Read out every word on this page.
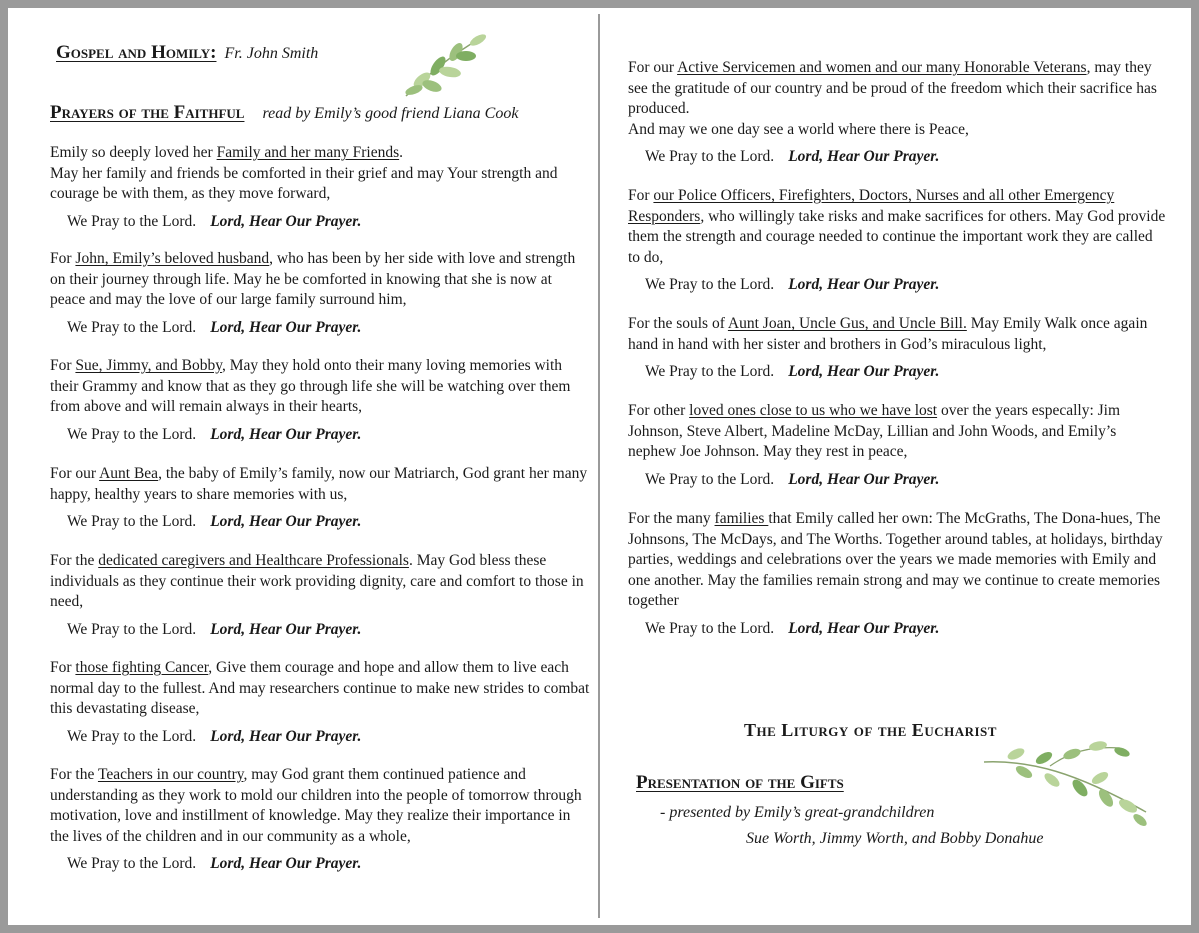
Gospel and Homily: Fr. John Smith
Prayers of the Faithful read by Emily’s good friend Liana Cook
Emily so deeply loved her Family and her many Friends.
May her family and friends be comforted in their grief and may Your strength and courage be with them, as they move forward,
We Pray to the Lord. Lord, Hear Our Prayer.
For John, Emily’s beloved husband, who has been by her side with love and strength on their journey through life. May he be comforted in knowing that she is now at peace and may the love of our large family surround him,
We Pray to the Lord. Lord, Hear Our Prayer.
For Sue, Jimmy, and Bobby, May they hold onto their many loving memories with their Grammy and know that as they go through life she will be watching over them from above and will remain always in their hearts,
We Pray to the Lord. Lord, Hear Our Prayer.
For our Aunt Bea, the baby of Emily’s family, now our Matriarch, God grant her many happy, healthy years to share memories with us,
We Pray to the Lord. Lord, Hear Our Prayer.
For the dedicated caregivers and Healthcare Professionals. May God bless these individuals as they continue their work providing dignity, care and comfort to those in need,
We Pray to the Lord. Lord, Hear Our Prayer.
For those fighting Cancer, Give them courage and hope and allow them to live each normal day to the fullest. And may researchers continue to make new strides to combat this devastating disease,
We Pray to the Lord. Lord, Hear Our Prayer.
For the Teachers in our country, may God grant them continued patience and understanding as they work to mold our children into the people of tomorrow through motivation, love and instillment of knowledge. May they realize their importance in the lives of the children and in our community as a whole,
We Pray to the Lord. Lord, Hear Our Prayer.
For our Active Servicemen and women and our many Honorable Veterans, may they see the gratitude of our country and be proud of the freedom which their sacrifice has produced.
And may we one day see a world where there is Peace,
We Pray to the Lord. Lord, Hear Our Prayer.
For our Police Officers, Firefighters, Doctors, Nurses and all other Emergency Responders, who willingly take risks and make sacrifices for others. May God provide them the strength and courage needed to continue the important work they are called to do,
We Pray to the Lord. Lord, Hear Our Prayer.
For the souls of Aunt Joan, Uncle Gus, and Uncle Bill. May Emily Walk once again hand in hand with her sister and brothers in God’s miraculous light,
We Pray to the Lord. Lord, Hear Our Prayer.
For other loved ones close to us who we have lost over the years especally: Jim Johnson, Steve Albert, Madeline McDay, Lillian and John Woods, and Emily’s nephew Joe Johnson. May they rest in peace,
We Pray to the Lord. Lord, Hear Our Prayer.
For the many families that Emily called her own: The McGraths, The Dona-hues, The Johnsons, The McDays, and The Worths. Together around tables, at holidays, birthday parties, weddings and celebrations over the years we made memories with Emily and one another. May the families remain strong and may we continue to create memories together
We Pray to the Lord. Lord, Hear Our Prayer.
The Liturgy of the Eucharist
Presentation of the Gifts
- presented by Emily’s great-grandchildren
Sue Worth, Jimmy Worth, and Bobby Donahue
